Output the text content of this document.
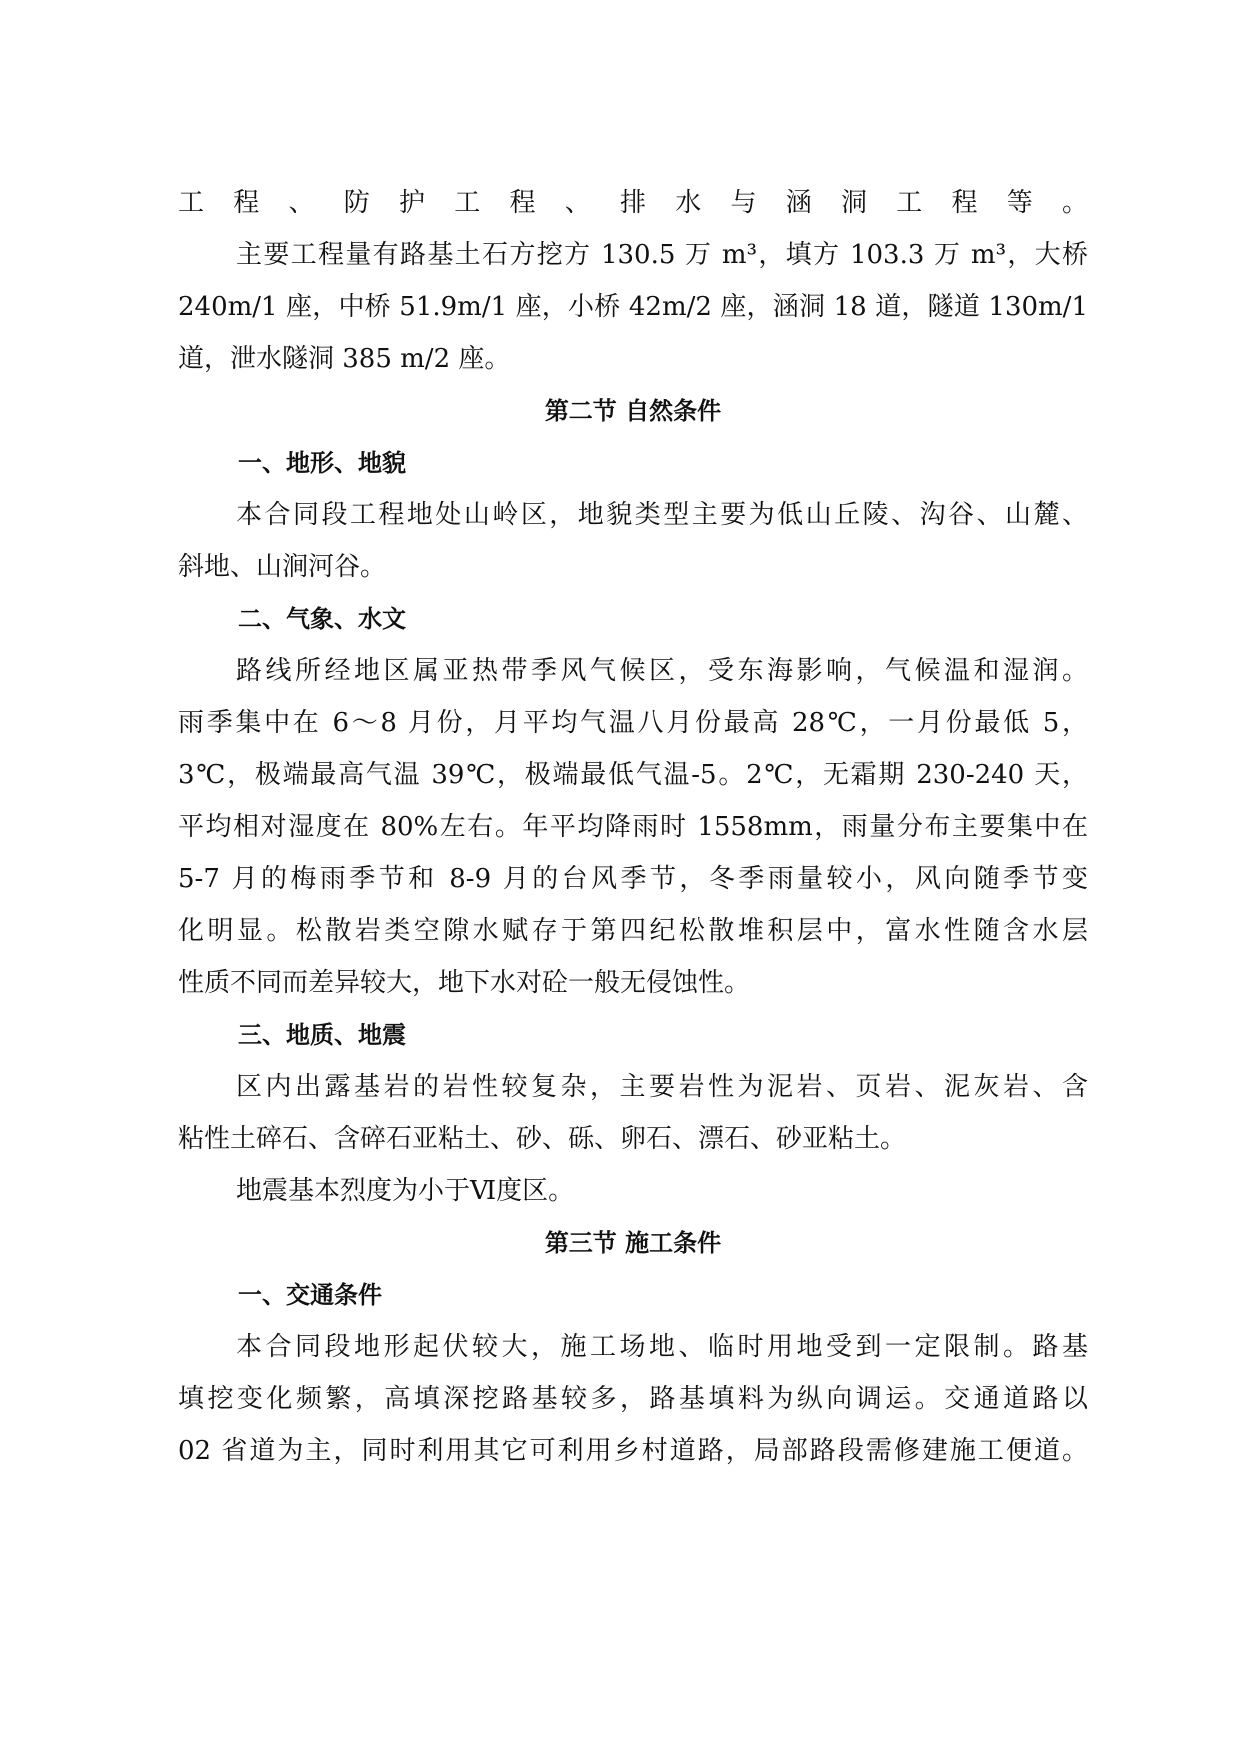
工程、防护工程、排水与涵洞工程等。
主要工程量有路基土石方挖方 130.5 万 m³，填方 103.3 万 m³，大桥
240m/1 座，中桥 51.9m/1 座，小桥 42m/2 座，涵洞 18 道，隧道 130m/1
道，泄水隧洞 385 m/2 座。
第二节 自然条件
一、地形、地貌
本合同段工程地处山岭区，地貌类型主要为低山丘陵、沟谷、山麓、
斜地、山涧河谷。
二、气象、水文
路线所经地区属亚热带季风气候区，受东海影响，气候温和湿润。
雨季集中在 6～8 月份，月平均气温八月份最高 28℃，一月份最低 5，
3℃，极端最高气温 39℃，极端最低气温-5。2℃，无霜期 230-240 天，
平均相对湿度在 80%左右。年平均降雨时 1558mm，雨量分布主要集中在
5-7 月的梅雨季节和 8-9 月的台风季节，冬季雨量较小，风向随季节变
化明显。松散岩类空隙水赋存于第四纪松散堆积层中，富水性随含水层
性质不同而差异较大，地下水对砼一般无侵蚀性。
三、地质、地震
区内出露基岩的岩性较复杂，主要岩性为泥岩、页岩、泥灰岩、含
粘性土碎石、含碎石亚粘土、砂、砾、卵石、漂石、砂亚粘土。
地震基本烈度为小于Ⅵ度区。
第三节 施工条件
一、交通条件
本合同段地形起伏较大，施工场地、临时用地受到一定限制。路基
填挖变化频繁，高填深挖路基较多，路基填料为纵向调运。交通道路以
02 省道为主，同时利用其它可利用乡村道路，局部路段需修建施工便道。
